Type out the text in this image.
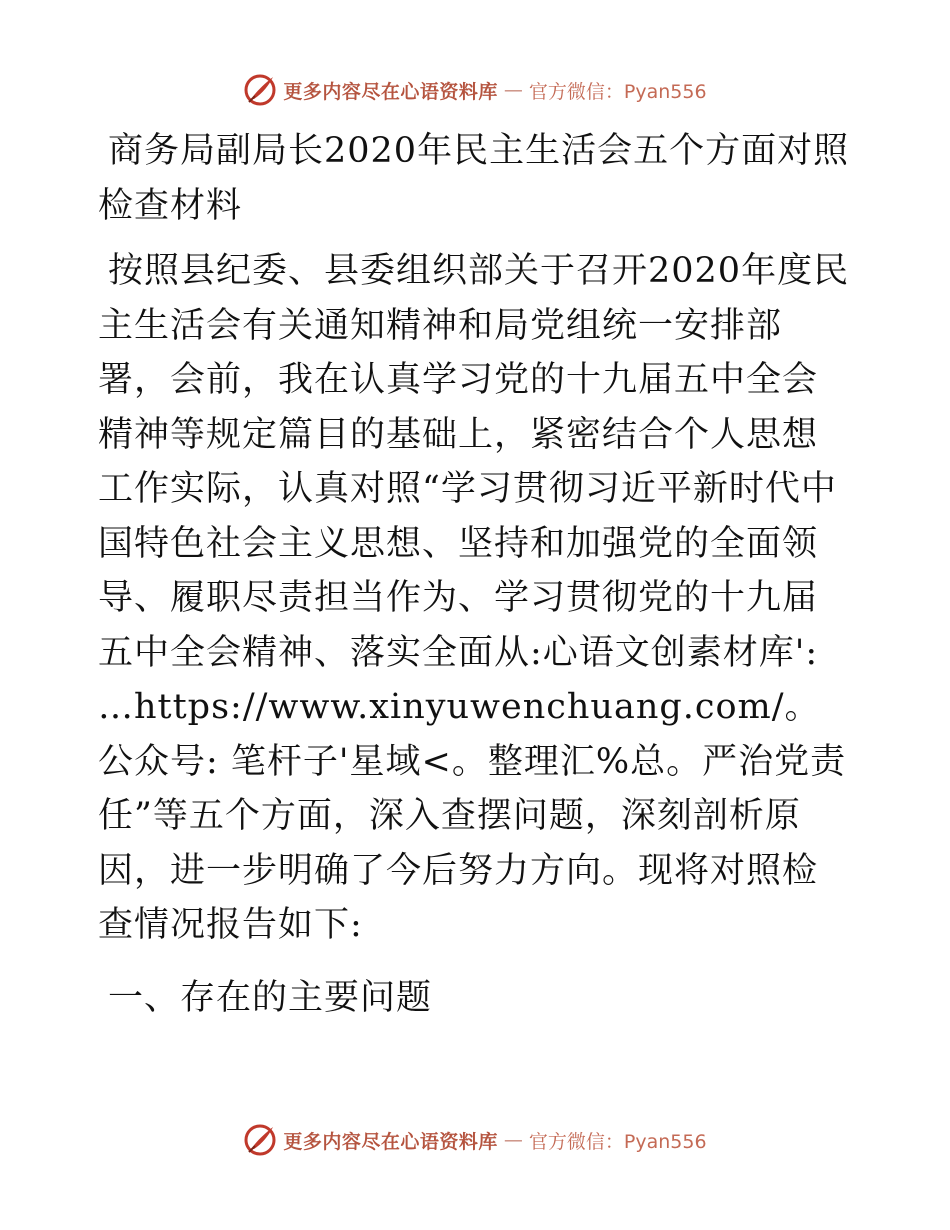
更多内容尽在心语资料库 — 官方微信：Pyan556
商务局副局长2020年民主生活会五个方面对照检查材料

按照县纪委、县委组织部关于召开2020年度民主生活会有关通知精神和局党组统一安排部署，会前，我在认真学习党的十九届五中全会精神等规定篇目的基础上，紧密结合个人思想工作实际，认真对照“学习贯彻习近平新时代中国特色社会主义思想、坚持和加强党的全面领导、履职尽责担当作为、学习贯彻党的十九届五中全会精神、落实全面从:心语文创素材库': …https://www.xinyuwenchuang.com/。公众号: 笔杆子'星域<。整理汇%总。严治党责任”等五个方面，深入查摆问题，深刻剖析原因，进一步明确了今后努力方向。现将对照检查情况报告如下:

一、存在的主要问题
更多内容尽在心语资料库 — 官方微信：Pyan556
